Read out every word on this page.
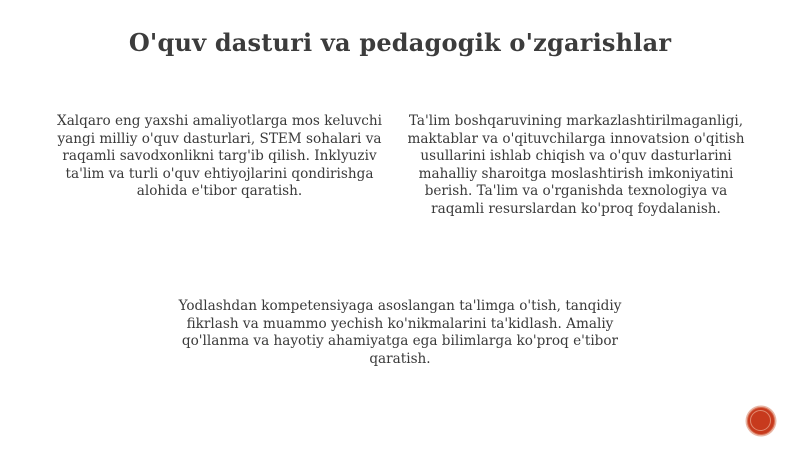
O'quv dasturi va pedagogik o'zgarishlar

Xalqaro eng yaxshi amaliyotlarga mos keluvchi yangi milliy o'quv dasturlari, STEM sohalari va raqamli savodxonlikni targ'ib qilish. Inklyuziv ta'lim va turli o'quv ehtiyojlarini qondirishga alohida e'tibor qaratish.

Ta'lim boshqaruvining markazlashtirilmaganligi, maktablar va o'qituvchilarga innovatsion o'qitish usullarini ishlab chiqish va o'quv dasturlarini mahalliy sharoitga moslashtirish imkoniyatini berish. Ta'lim va o'rganishda texnologiya va raqamli resurslardan ko'proq foydalanish.

Yodlashdan kompetensiyaga asoslangan ta'limga o'tish, tanqidiy fikrlash va muammo yechish ko'nikmalarini ta'kidlash. Amaliy qo'llanma va hayotiy ahamiyatga ega bilimlarga ko'proq e'tibor qaratish.
